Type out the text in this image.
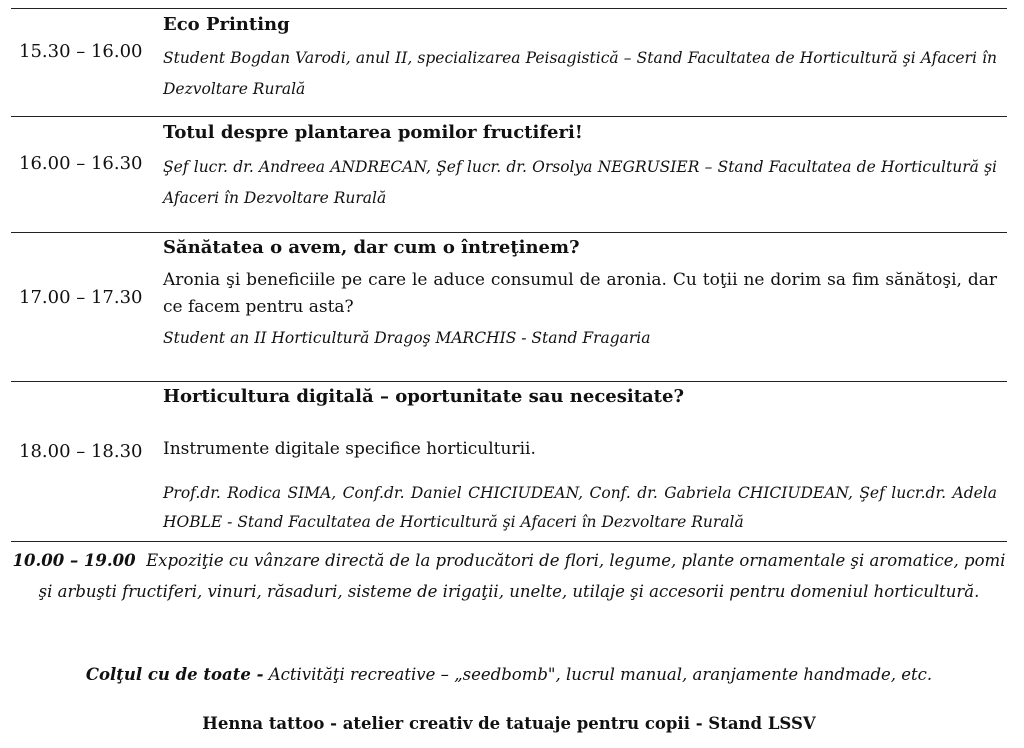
15.30 – 16.00
Eco Printing
Student Bogdan Varodi, anul II, specializarea Peisagistică – Stand Facultatea de Horticultură şi Afaceri în Dezvoltare Rurală
16.00 – 16.30
Totul despre plantarea pomilor fructiferi!
Şef lucr. dr. Andreea ANDRECAN, Şef lucr. dr. Orsolya NEGRUSIER – Stand Facultatea de Horticultură şi Afaceri în Dezvoltare Rurală
17.00 – 17.30
Sănătatea o avem, dar cum o întreţinem?
Aronia şi beneficiile pe care le aduce consumul de aronia. Cu toţii ne dorim sa fim sănătoşi, dar ce facem pentru asta?
Student an II Horticultură Dragoş MARCHIS - Stand Fragaria
18.00 – 18.30
Horticultura digitală – oportunitate sau necesitate?
Instrumente digitale specifice horticulturii.
Prof.dr. Rodica SIMA, Conf.dr. Daniel CHICIUDEAN, Conf. dr. Gabriela CHICIUDEAN, Şef lucr.dr. Adela HOBLE - Stand Facultatea de Horticultură şi Afaceri în Dezvoltare Rurală
10.00 – 19.00 Expoziţie cu vânzare directă de la producători de flori, legume, plante ornamentale şi aromatice, pomi şi arbuşti fructiferi, vinuri, răsaduri, sisteme de irigaţii, unelte, utilaje şi accesorii pentru domeniul horticultură.
Colţul cu de toate - Activităţi recreative – „seedbomb", lucrul manual, aranjamente handmade, etc.
Henna tattoo - atelier creativ de tatuaje pentru copii - Stand LSSV
